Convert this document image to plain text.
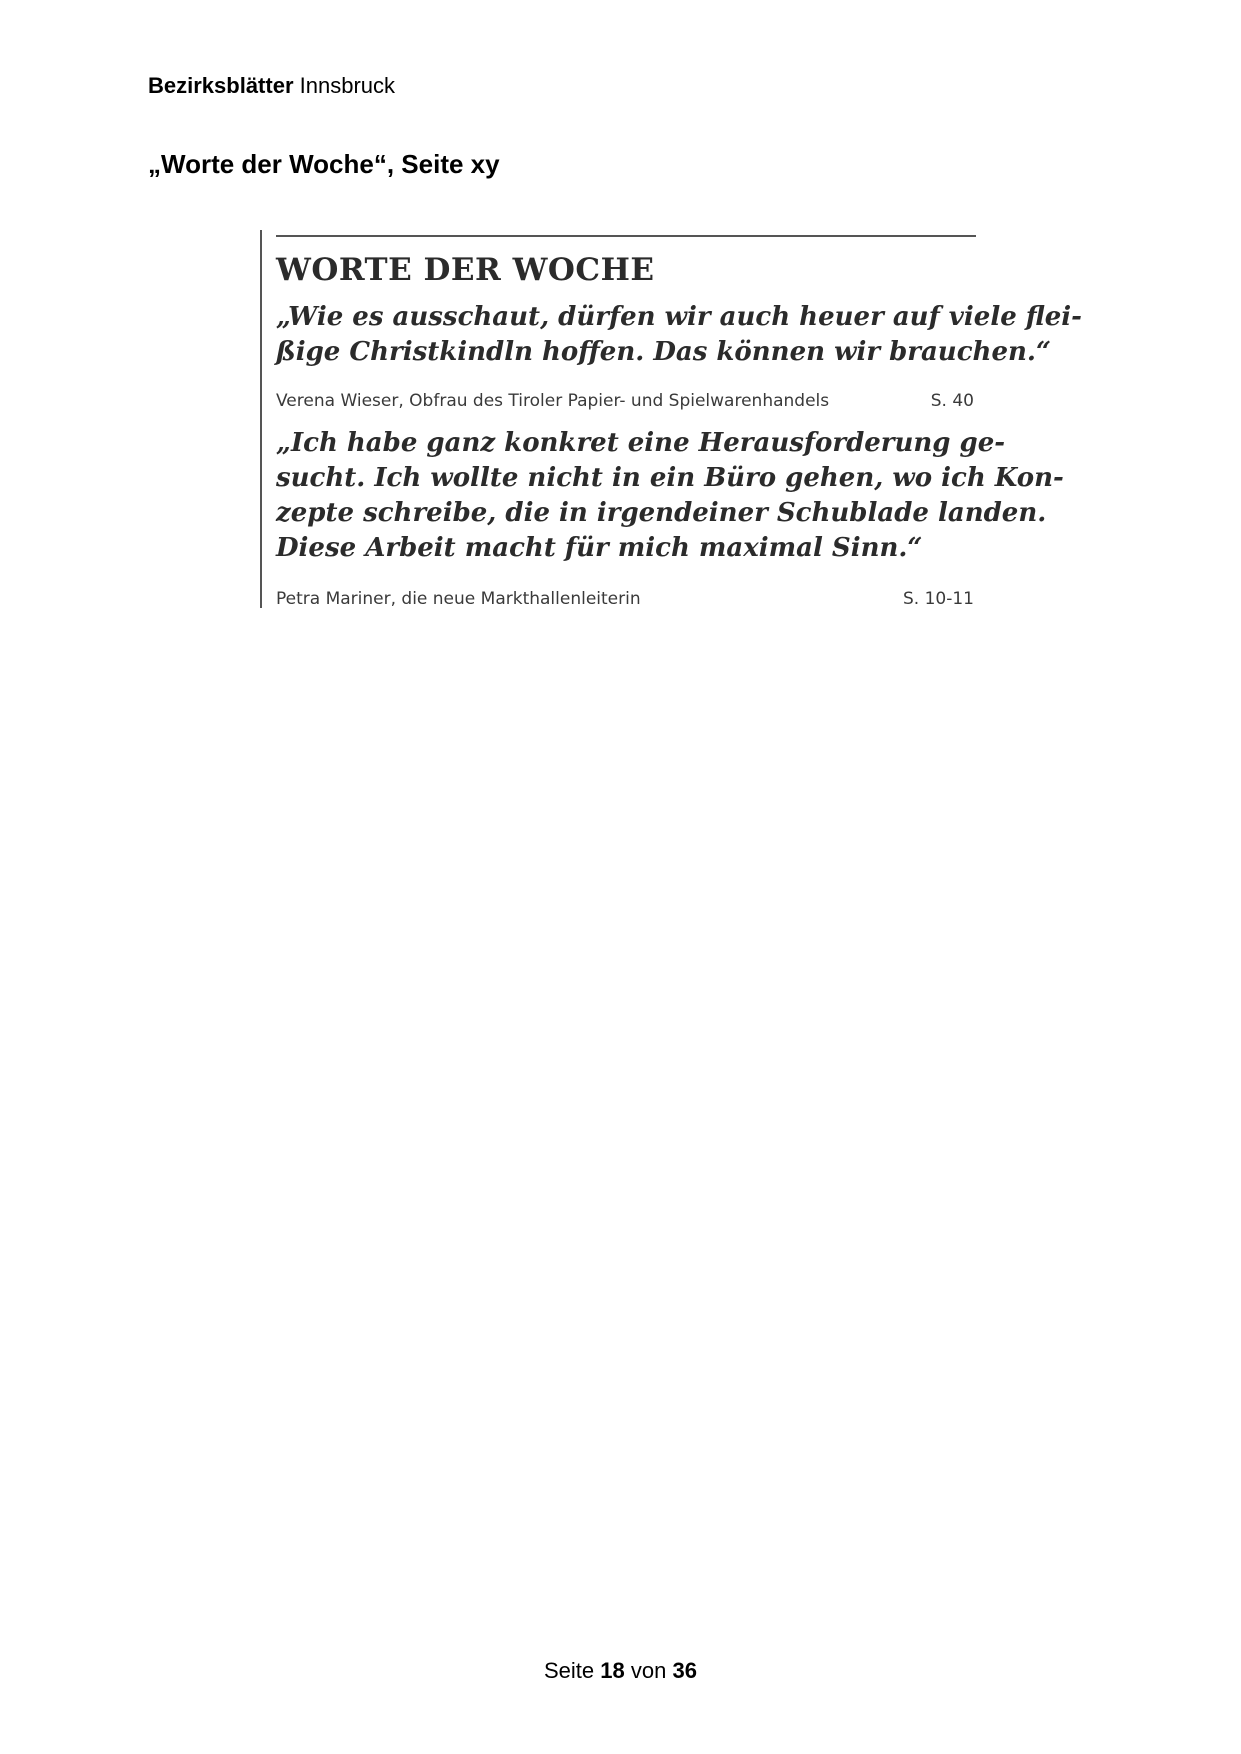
Bezirksblätter Innsbruck
„Worte der Woche“, Seite xy
WORTE DER WOCHE
„Wie es ausschaut, dürfen wir auch heuer auf viele flei-
ßige Christkindln hoffen. Das können wir brauchen.“
Verena Wieser, Obfrau des Tiroler Papier- und Spielwarenhandels	S. 40
„Ich habe ganz konkret eine Herausforderung ge-
sucht. Ich wollte nicht in ein Büro gehen, wo ich Kon-
zepte schreibe, die in irgendeiner Schublade landen.
Diese Arbeit macht für mich maximal Sinn.“
Petra Mariner, die neue Markthallenleiterin	S. 10-11
Seite 18 von 36
